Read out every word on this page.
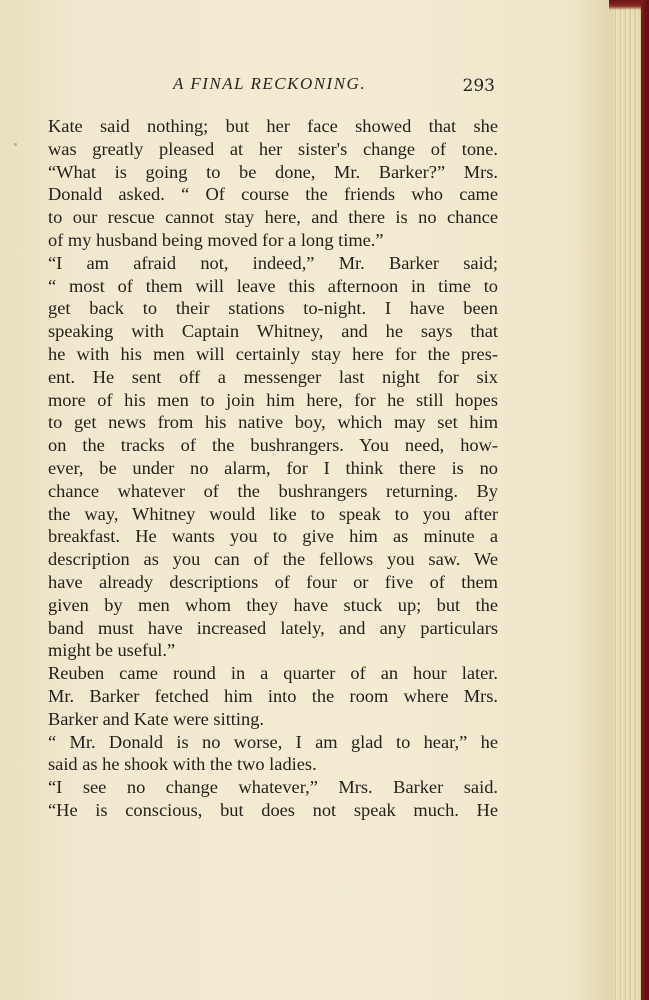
A FINAL RECKONING.	293
Kate said nothing; but her face showed that she
was greatly pleased at her sister's change of tone.
“What is going to be done, Mr. Barker?” Mrs.
Donald asked. “ Of course the friends who came
to our rescue cannot stay here, and there is no chance
of my husband being moved for a long time.”
“I am afraid not, indeed,” Mr. Barker said;
“ most of them will leave this afternoon in time to
get back to their stations to-night. I have been
speaking with Captain Whitney, and he says that
he with his men will certainly stay here for the pres-
ent. He sent off a messenger last night for six
more of his men to join him here, for he still hopes
to get news from his native boy, which may set him
on the tracks of the bushrangers. You need, how-
ever, be under no alarm, for I think there is no
chance whatever of the bushrangers returning. By
the way, Whitney would like to speak to you after
breakfast. He wants you to give him as minute a
description as you can of the fellows you saw. We
have already descriptions of four or five of them
given by men whom they have stuck up; but the
band must have increased lately, and any particulars
might be useful.”
Reuben came round in a quarter of an hour later.
Mr. Barker fetched him into the room where Mrs.
Barker and Kate were sitting.
“ Mr. Donald is no worse, I am glad to hear,” he
said as he shook with the two ladies.
“I see no change whatever,” Mrs. Barker said.
“He is conscious, but does not speak much. He
